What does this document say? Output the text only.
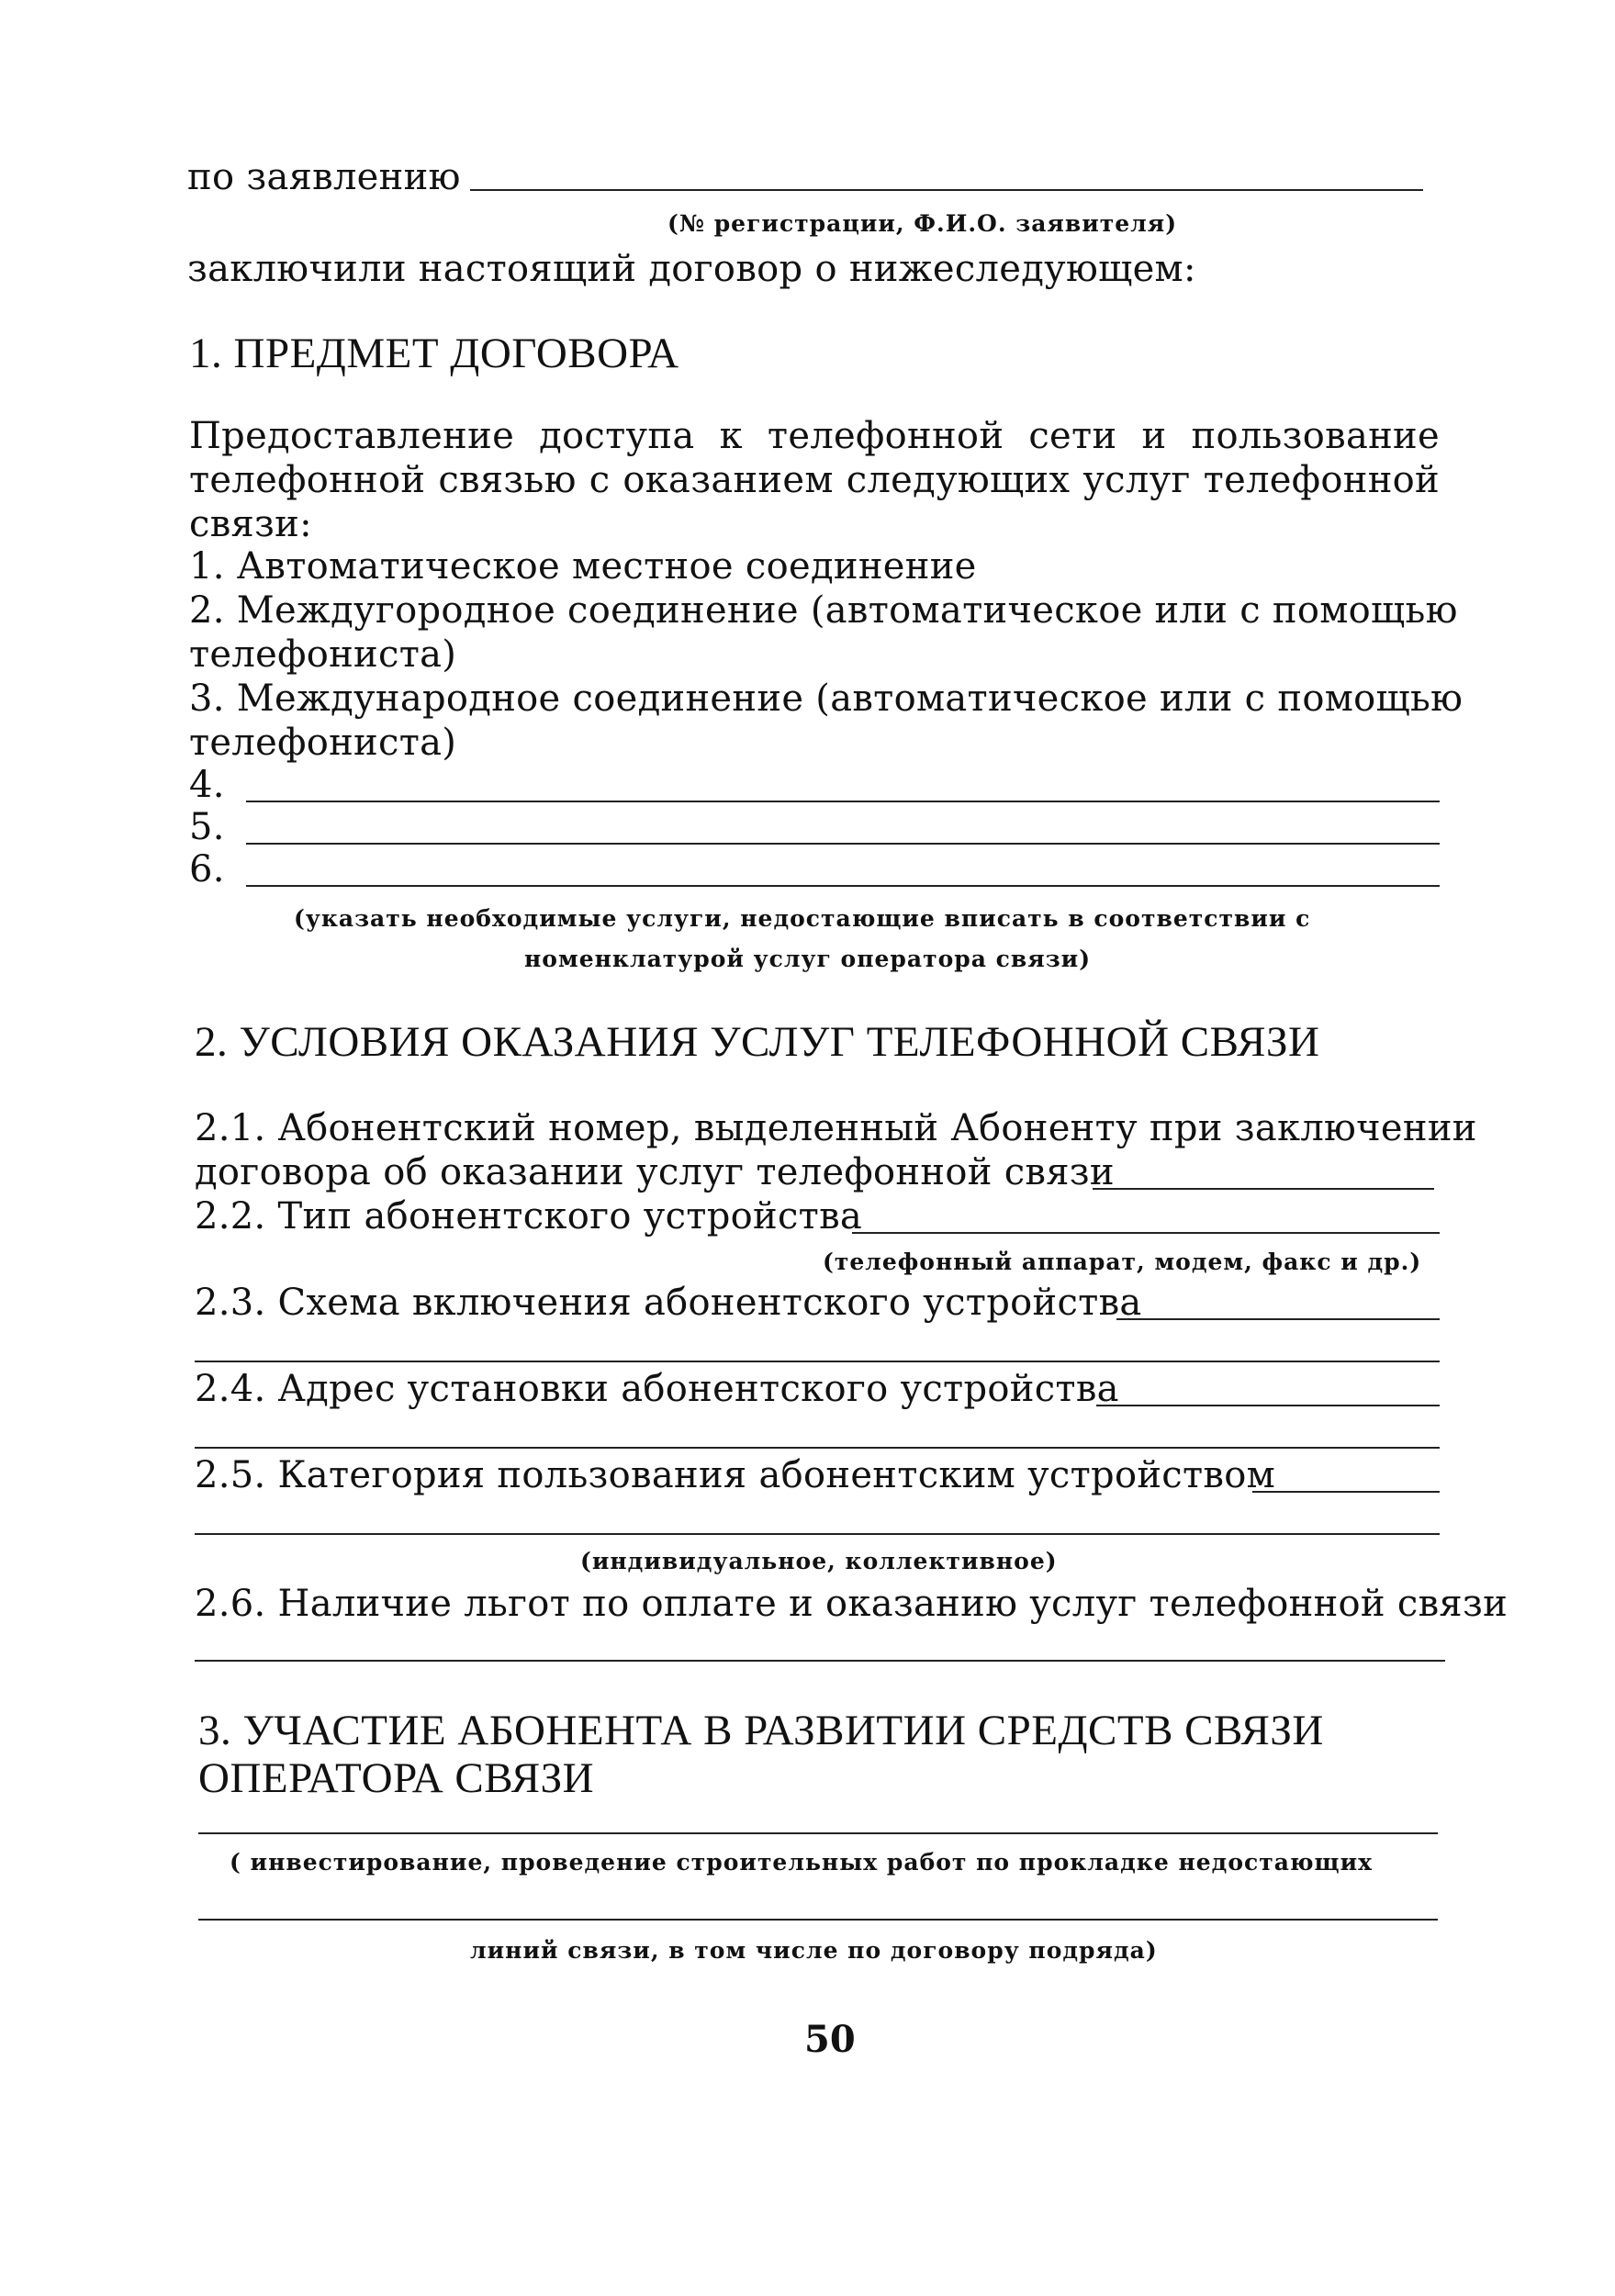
по заявлению
(№ регистрации, Ф.И.О. заявителя)
заключили настоящий договор о нижеследующем:
1. ПРЕДМЕТ ДОГОВОРА
Предоставление доступа к телефонной сети и пользование
телефонной связью с оказанием следующих услуг телефонной
связи:
1. Автоматическое местное соединение
2. Междугородное соединение (автоматическое или с помощью
телефониста)
3. Международное соединение (автоматическое или с помощью
телефониста)
4.
5.
6.
(указать необходимые услуги, недостающие вписать в соответствии с
номенклатурой услуг оператора связи)
2. УСЛОВИЯ ОКАЗАНИЯ УСЛУГ ТЕЛЕФОННОЙ СВЯЗИ
2.1. Абонентский номер, выделенный Абоненту при заключении
договора об оказании услуг телефонной связи
2.2. Тип абонентского устройства
(телефонный аппарат, модем, факс и др.)
2.3. Схема включения абонентского устройства
2.4. Адрес установки абонентского устройства
2.5. Категория пользования абонентским устройством
(индивидуальное, коллективное)
2.6. Наличие льгот по оплате и оказанию услуг телефонной связи
3. УЧАСТИЕ АБОНЕНТА В РАЗВИТИИ СРЕДСТВ СВЯЗИ
ОПЕРАТОРА СВЯЗИ
( инвестирование, проведение строительных работ по прокладке недостающих
линий связи, в том числе по договору подряда)
50
